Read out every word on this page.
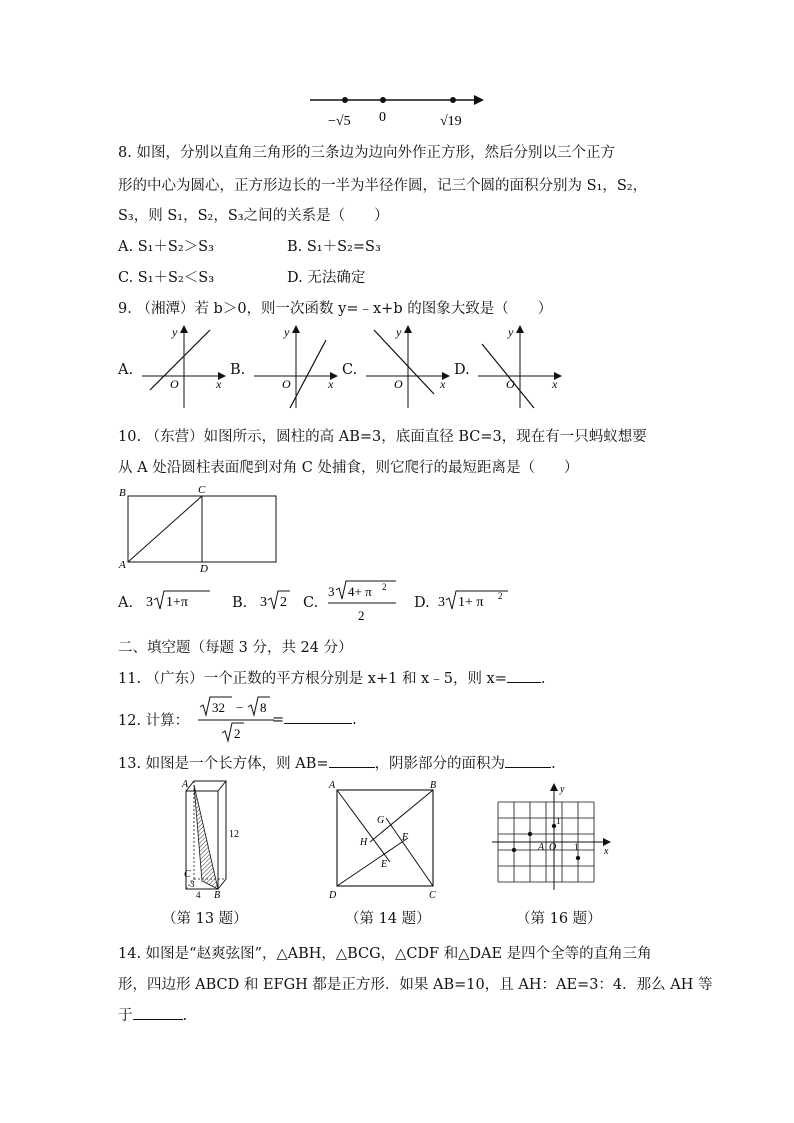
−√5 0	√19
8. 如图，分别以直角三角形的三条边为边向外作正方形，然后分别以三个正方
形的中心为圆心，正方形边长的一半为半径作圆，记三个圆的面积分别为 S₁，S₂，
S₃，则 S₁，S₂，S₃之间的关系是（　　）
A. S₁＋S₂＞S₃	B. S₁＋S₂=S₃
C. S₁＋S₂＜S₃	D. 无法确定
9. （湘潭）若 b＞0，则一次函数 y=﹣x+b 的图象大致是（　　）
A.
y
O	x
B.
y
O	x
C.
y
O	x
D.
y
O	x
10. （东营）如图所示，圆柱的高 AB=3，底面直径 BC=3，现在有一只蚂蚁想要
从 A 处沿圆柱表面爬到对角 C 处捕食，则它爬行的最短距离是（　　）
B	C
A	D
A. 3 1+π	B. 3 2 C.
3 4+ π 2
2
D. 3 1+ π 2
二、填空题（每题 3 分，共 24 分）
11. （广东）一个正数的平方根分别是 x+1 和 x﹣5，则 x= .
12. 计算：
32 − 8
2
=	.
13. 如图是一个长方体，则 AB=	，阴影部分的面积为	.
A
12
C
3
4 B
（第 13 题）
A	B
G
F
H
E
D	C
（第 14 题）
y
x
1
1
A O
（第 16 题）
14. 如图是“赵爽弦图”，△ABH，△BCG，△CDF 和△DAE 是四个全等的直角三角
形，四边形 ABCD 和 EFGH 都是正方形．如果 AB=10，且 AH：AE=3：4．那么 AH 等
于	.
